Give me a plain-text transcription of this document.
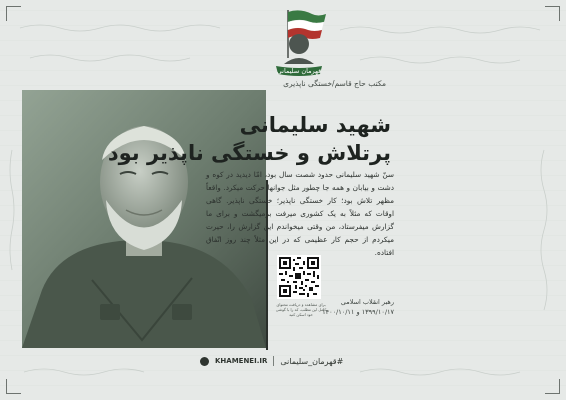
قهرمان سلیمانی
مکتب حاج قاسم/خستگی ناپذیری
شهید سلیمانی
پرتلاش و خستگی ناپذیر بود
سنّ شهید سلیمانی حدود شصت سال بود، امّا دیدید در کوه و دشت و بیابان و همه جا چطور مثل جوانها حرکت میکرد. واقعاً مظهر تلاش بود؛ کار خستگی ناپذیر؛ خستگی ناپذیر. گاهی اوقات که مثلاً به یک کشوری میرفت برمیگشت و برای ما گزارش میفرستاد، من وقتی میخواندم این گزارش را، حیرت میکردم از حجم کار عظیمی که در این مثلاً چند روز اتّفاق افتاده.
رهبر انقلاب اسلامی
۱۳۹۹/۱۰/۱۷ و ۱۴۰۰/۱۰/۱۱
برای مشاهده و دریافت محتوای کامل این مطلب، کد را با گوشی خود اسکن کنید
KHAMENEI.IR #قهرمان_سلیمانی
